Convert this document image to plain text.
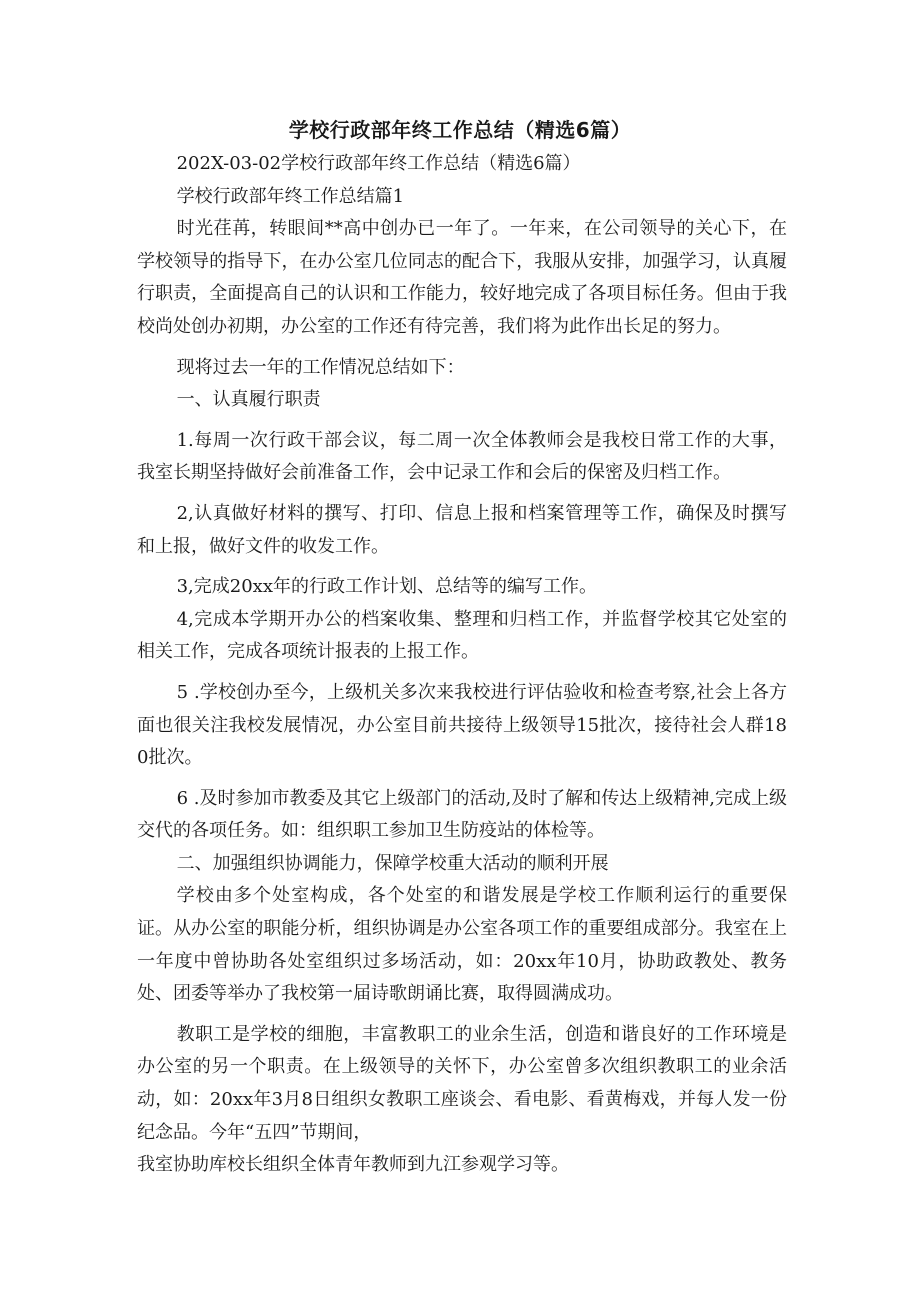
学校行政部年终工作总结（精选6篇）

202X-03-02学校行政部年终工作总结（精选6篇）

学校行政部年终工作总结篇1

时光荏苒，转眼间**高中创办已一年了。一年来，在公司领导的关心下，在学校领导的指导下，在办公室几位同志的配合下，我服从安排，加强学习，认真履行职责，全面提高自己的认识和工作能力，较好地完成了各项目标任务。但由于我校尚处创办初期，办公室的工作还有待完善，我们将为此作出长足的努力。

现将过去一年的工作情况总结如下：

一、认真履行职责

1.每周一次行政干部会议，每二周一次全体教师会是我校日常工作的大事，我室长期坚持做好会前准备工作，会中记录工作和会后的保密及归档工作。

2,认真做好材料的撰写、打印、信息上报和档案管理等工作，确保及时撰写和上报，做好文件的收发工作。

3,完成20xx年的行政工作计划、总结等的编写工作。

4,完成本学期开办公的档案收集、整理和归档工作，并监督学校其它处室的相关工作，完成各项统计报表的上报工作。

5 .学校创办至今，上级机关多次来我校进行评估验收和检查考察,社会上各方面也很关注我校发展情况，办公室目前共接待上级领导15批次，接待社会人群180批次。

6 .及时参加市教委及其它上级部门的活动,及时了解和传达上级精神,完成上级交代的各项任务。如：组织职工参加卫生防疫站的体检等。

二、加强组织协调能力，保障学校重大活动的顺利开展

学校由多个处室构成，各个处室的和谐发展是学校工作顺利运行的重要保证。从办公室的职能分析，组织协调是办公室各项工作的重要组成部分。我室在上一年度中曾协助各处室组织过多场活动，如：20xx年10月，协助政教处、教务处、团委等举办了我校第一届诗歌朗诵比赛，取得圆满成功。

教职工是学校的细胞，丰富教职工的业余生活，创造和谐良好的工作环境是办公室的另一个职责。在上级领导的关怀下，办公室曾多次组织教职工的业余活动，如：20xx年3月8日组织女教职工座谈会、看电影、看黄梅戏，并每人发一份纪念品。今年“五四”节期间，

我室协助库校长组织全体青年教师到九江参观学习等。
